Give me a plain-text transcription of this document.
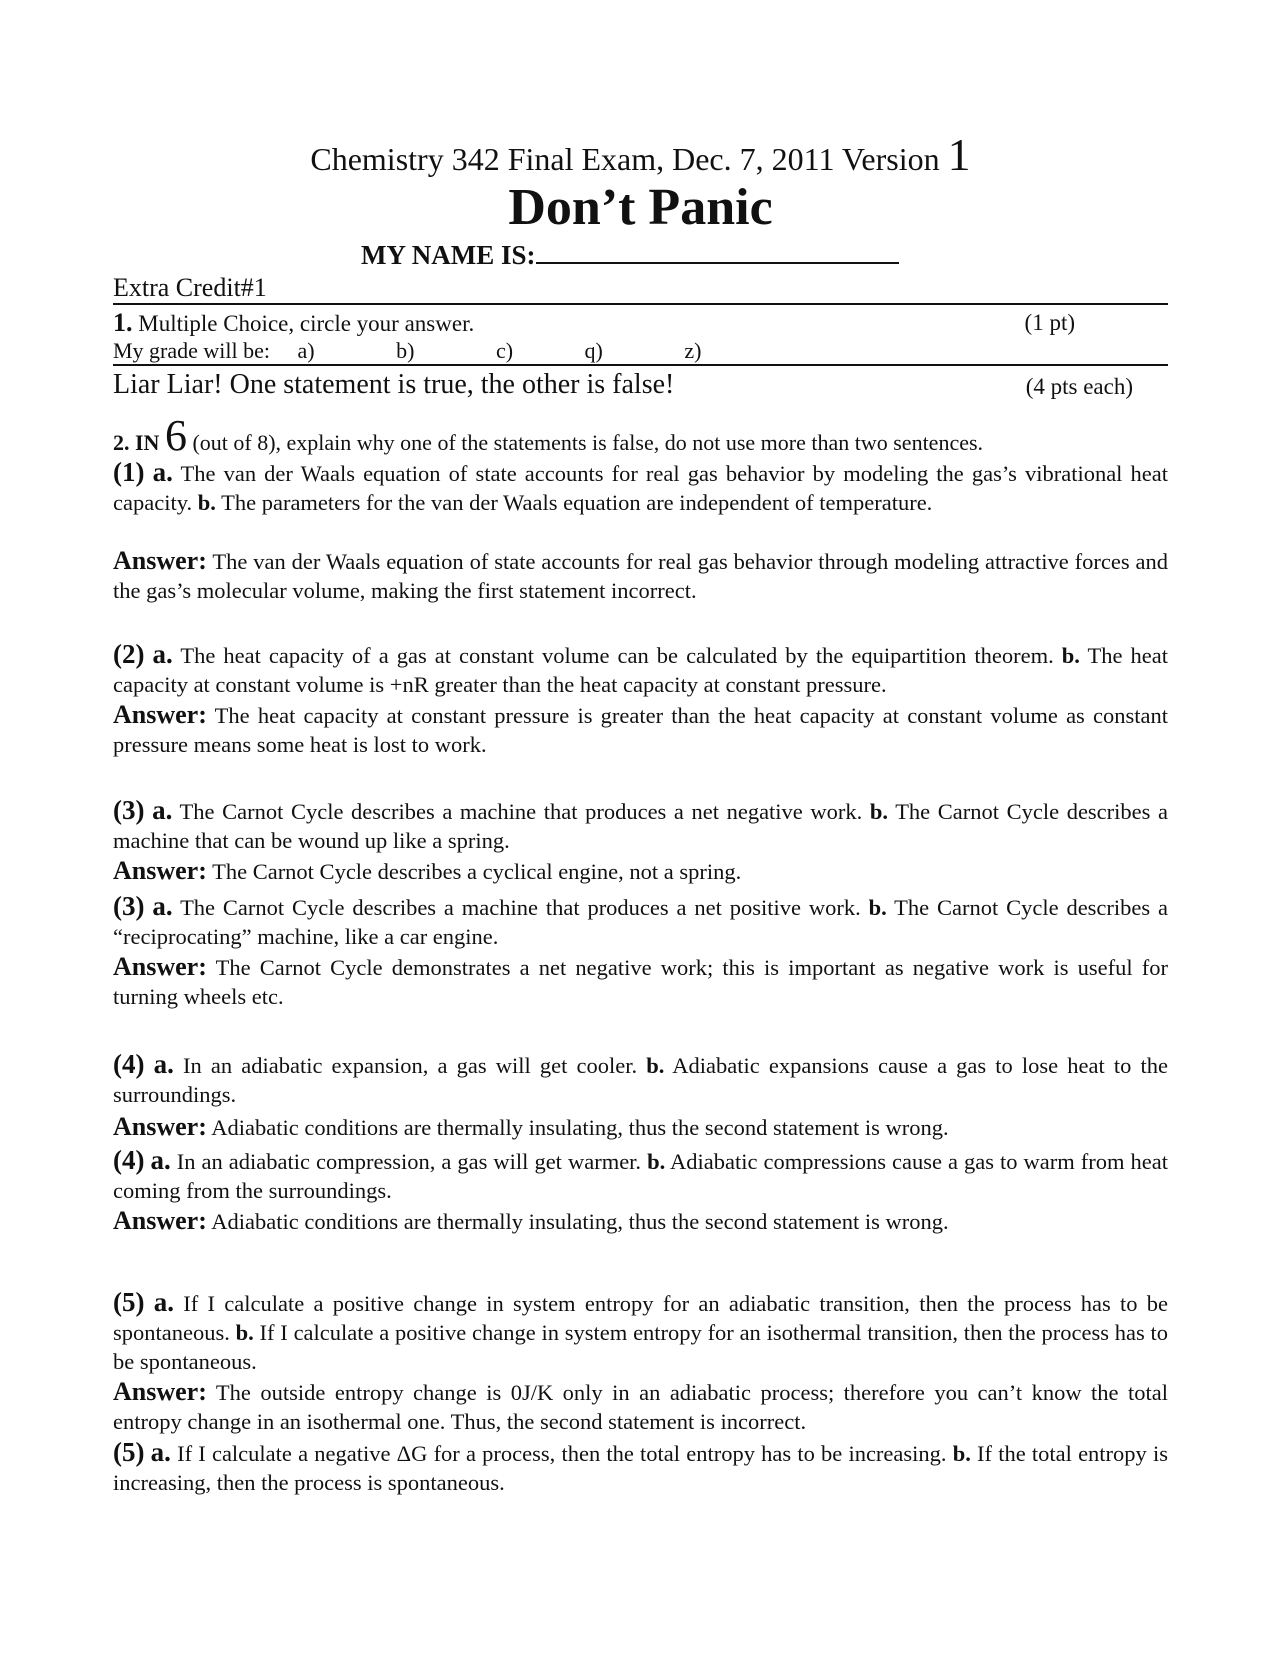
Chemistry 342 Final Exam, Dec. 7, 2011 Version 1
Don’t Panic
MY NAME IS:
Extra Credit#1
1. Multiple Choice, circle your answer.	(1 pt)
My grade will be: a)	b)	c)	q)	z)
Liar Liar! One statement is true, the other is false!	(4 pts each)
2. IN 6 (out of 8), explain why one of the statements is false, do not use more than two sentences.

(1) a. The van der Waals equation of state accounts for real gas behavior by modeling the gas’s vibrational heat capacity. b. The parameters for the van der Waals equation are independent of temperature.

Answer: The van der Waals equation of state accounts for real gas behavior through modeling attractive forces and the gas’s molecular volume, making the first statement incorrect.

(2) a. The heat capacity of a gas at constant volume can be calculated by the equipartition theorem. b. The heat capacity at constant volume is +nR greater than the heat capacity at constant pressure.

Answer: The heat capacity at constant pressure is greater than the heat capacity at constant volume as constant pressure means some heat is lost to work.

(3) a. The Carnot Cycle describes a machine that produces a net negative work. b. The Carnot Cycle describes a machine that can be wound up like a spring.

Answer: The Carnot Cycle describes a cyclical engine, not a spring.

(3) a. The Carnot Cycle describes a machine that produces a net positive work. b. The Carnot Cycle describes a “reciprocating” machine, like a car engine.

Answer: The Carnot Cycle demonstrates a net negative work; this is important as negative work is useful for turning wheels etc.

(4) a. In an adiabatic expansion, a gas will get cooler. b. Adiabatic expansions cause a gas to lose heat to the surroundings.

Answer: Adiabatic conditions are thermally insulating, thus the second statement is wrong.

(4) a. In an adiabatic compression, a gas will get warmer. b. Adiabatic compressions cause a gas to warm from heat coming from the surroundings.

Answer: Adiabatic conditions are thermally insulating, thus the second statement is wrong.

(5) a. If I calculate a positive change in system entropy for an adiabatic transition, then the process has to be spontaneous. b. If I calculate a positive change in system entropy for an isothermal transition, then the process has to be spontaneous.

Answer: The outside entropy change is 0J/K only in an adiabatic process; therefore you can’t know the total entropy change in an isothermal one. Thus, the second statement is incorrect.

(5) a. If I calculate a negative ΔG for a process, then the total entropy has to be increasing. b. If the total entropy is increasing, then the process is spontaneous.
